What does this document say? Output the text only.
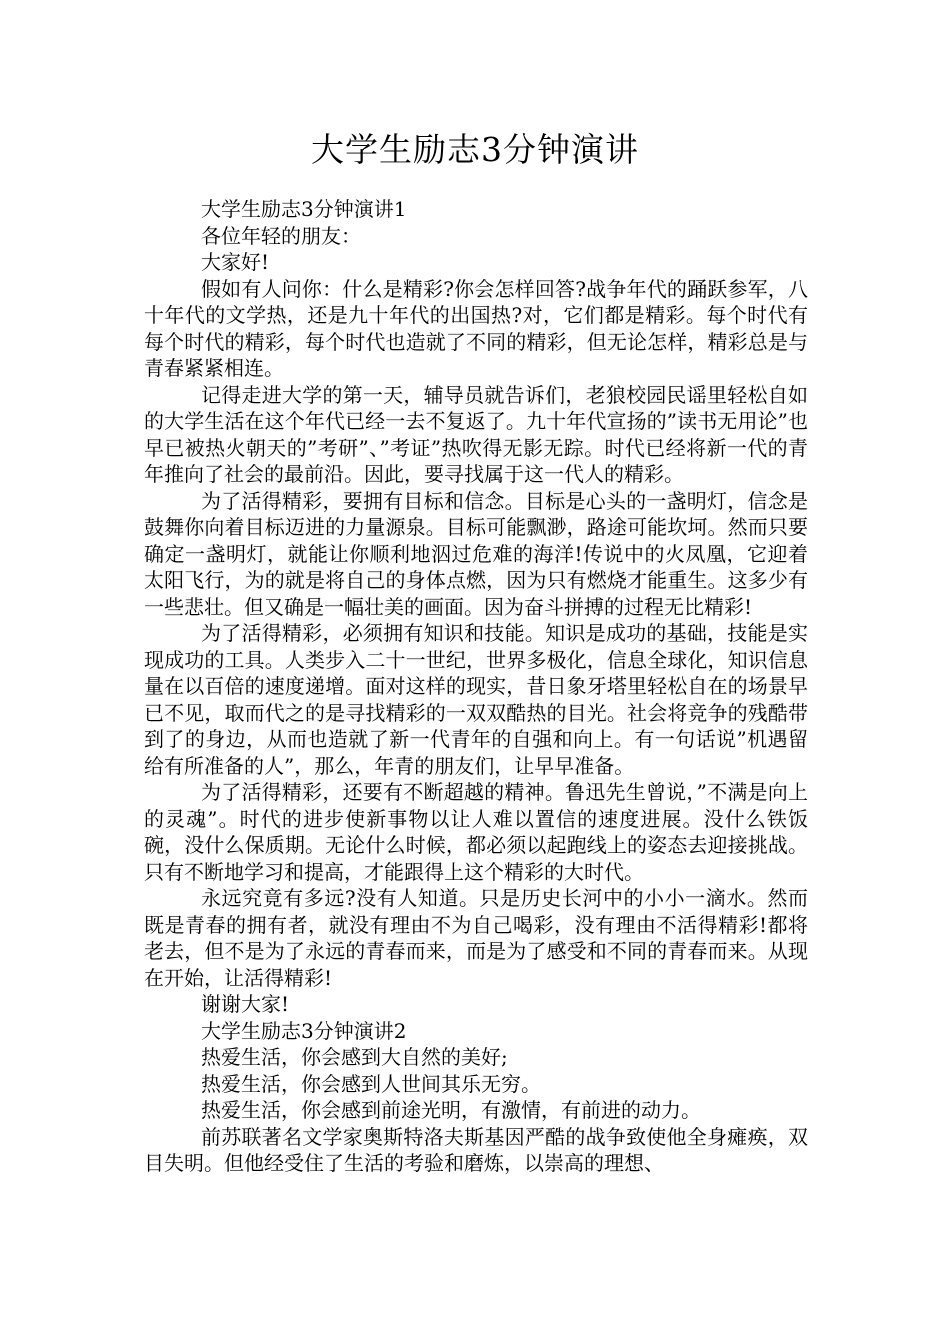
大学生励志3分钟演讲

大学生励志3分钟演讲1

各位年轻的朋友：

大家好!

假如有人问你：什么是精彩?你会怎样回答?战争年代的踊跃参军，八十年代的文学热，还是九十年代的出国热?对，它们都是精彩。每个时代有每个时代的精彩，每个时代也造就了不同的精彩，但无论怎样，精彩总是与青春紧紧相连。

记得走进大学的第一天，辅导员就告诉们，老狼校园民谣里轻松自如的大学生活在这个年代已经一去不复返了。九十年代宣扬的”读书无用论”也早已被热火朝天的”考研”、”考证”热吹得无影无踪。时代已经将新一代的青年推向了社会的最前沿。因此，要寻找属于这一代人的精彩。

为了活得精彩，要拥有目标和信念。目标是心头的一盏明灯，信念是鼓舞你向着目标迈进的力量源泉。目标可能飘渺，路途可能坎坷。然而只要确定一盏明灯，就能让你顺利地泅过危难的海洋!传说中的火凤凰，它迎着太阳飞行，为的就是将自己的身体点燃，因为只有燃烧才能重生。这多少有一些悲壮。但又确是一幅壮美的画面。因为奋斗拼搏的过程无比精彩!

为了活得精彩，必须拥有知识和技能。知识是成功的基础，技能是实现成功的工具。人类步入二十一世纪，世界多极化，信息全球化，知识信息量在以百倍的速度递增。面对这样的现实，昔日象牙塔里轻松自在的场景早已不见，取而代之的是寻找精彩的一双双酷热的目光。社会将竞争的残酷带到了的身边，从而也造就了新一代青年的自强和向上。有一句话说”机遇留给有所准备的人”，那么，年青的朋友们，让早早准备。

为了活得精彩，还要有不断超越的精神。鲁迅先生曾说，”不满是向上的灵魂”。时代的进步使新事物以让人难以置信的速度进展。没什么铁饭碗，没什么保质期。无论什么时候，都必须以起跑线上的姿态去迎接挑战。只有不断地学习和提高，才能跟得上这个精彩的大时代。

永远究竟有多远?没有人知道。只是历史长河中的小小一滴水。然而既是青春的拥有者，就没有理由不为自己喝彩，没有理由不活得精彩!都将老去，但不是为了永远的青春而来，而是为了感受和不同的青春而来。从现在开始，让活得精彩!

谢谢大家!

大学生励志3分钟演讲2

热爱生活，你会感到大自然的美好;

热爱生活，你会感到人世间其乐无穷。

热爱生活，你会感到前途光明，有激情，有前进的动力。

前苏联著名文学家奥斯特洛夫斯基因严酷的战争致使他全身瘫痪，双目失明。但他经受住了生活的考验和磨炼，以崇高的理想、
